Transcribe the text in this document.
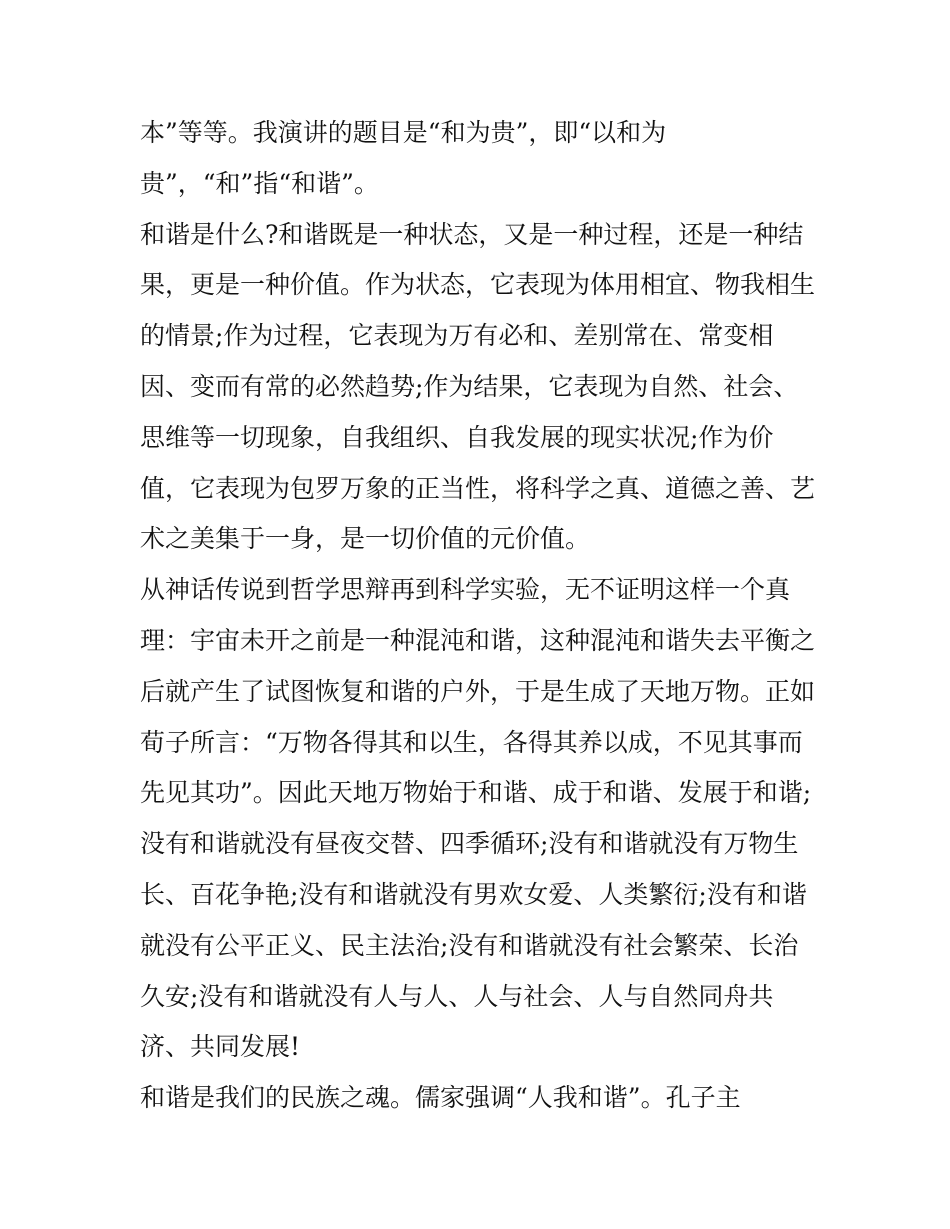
本”等等。我演讲的题目是“和为贵”，即“以和为
贵”，“和”指“和谐”。
和谐是什么?和谐既是一种状态，又是一种过程，还是一种结
果，更是一种价值。作为状态，它表现为体用相宜、物我相生
的情景;作为过程，它表现为万有必和、差别常在、常变相
因、变而有常的必然趋势;作为结果，它表现为自然、社会、
思维等一切现象，自我组织、自我发展的现实状况;作为价
值，它表现为包罗万象的正当性，将科学之真、道德之善、艺
术之美集于一身，是一切价值的元价值。
从神话传说到哲学思辩再到科学实验，无不证明这样一个真
理：宇宙未开之前是一种混沌和谐，这种混沌和谐失去平衡之
后就产生了试图恢复和谐的户外，于是生成了天地万物。正如
荀子所言：“万物各得其和以生，各得其养以成，不见其事而
先见其功”。因此天地万物始于和谐、成于和谐、发展于和谐;
没有和谐就没有昼夜交替、四季循环;没有和谐就没有万物生
长、百花争艳;没有和谐就没有男欢女爱、人类繁衍;没有和谐
就没有公平正义、民主法治;没有和谐就没有社会繁荣、长治
久安;没有和谐就没有人与人、人与社会、人与自然同舟共
济、共同发展!
和谐是我们的民族之魂。儒家强调“人我和谐”。孔子主
